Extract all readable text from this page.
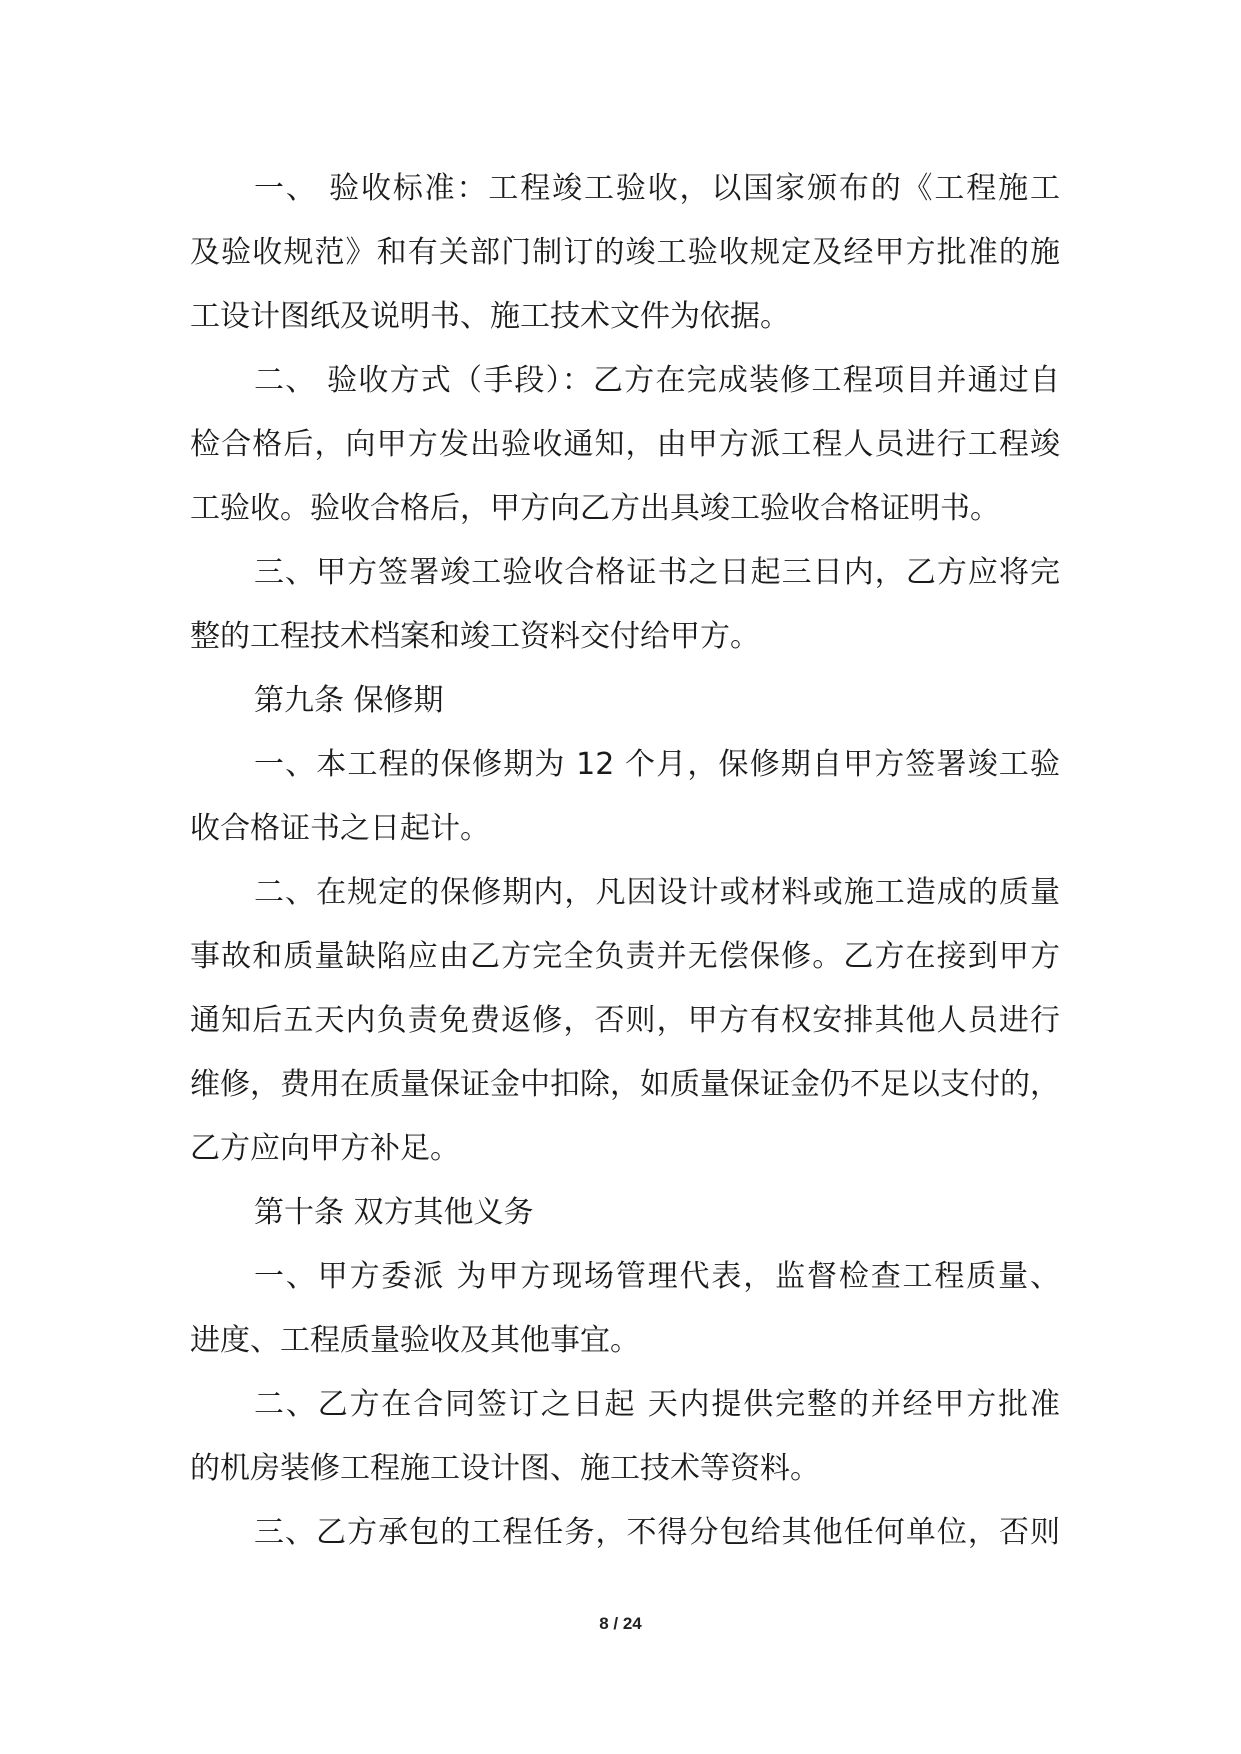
一、 验收标准：工程竣工验收，以国家颁布的《工程施工
及验收规范》和有关部门制订的竣工验收规定及经甲方批准的施
工设计图纸及说明书、施工技术文件为依据。
二、 验收方式（手段）：乙方在完成装修工程项目并通过自
检合格后，向甲方发出验收通知，由甲方派工程人员进行工程竣
工验收。验收合格后，甲方向乙方出具竣工验收合格证明书。
三、甲方签署竣工验收合格证书之日起三日内，乙方应将完
整的工程技术档案和竣工资料交付给甲方。
第九条 保修期
一、本工程的保修期为 12 个月，保修期自甲方签署竣工验
收合格证书之日起计。
二、在规定的保修期内，凡因设计或材料或施工造成的质量
事故和质量缺陷应由乙方完全负责并无偿保修。乙方在接到甲方
通知后五天内负责免费返修，否则，甲方有权安排其他人员进行
维修，费用在质量保证金中扣除，如质量保证金仍不足以支付的，
乙方应向甲方补足。
第十条 双方其他义务
一、甲方委派 为甲方现场管理代表，监督检查工程质量、
进度、工程质量验收及其他事宜。
二、乙方在合同签订之日起 天内提供完整的并经甲方批准
的机房装修工程施工设计图、施工技术等资料。
三、乙方承包的工程任务，不得分包给其他任何单位，否则
8 / 24
